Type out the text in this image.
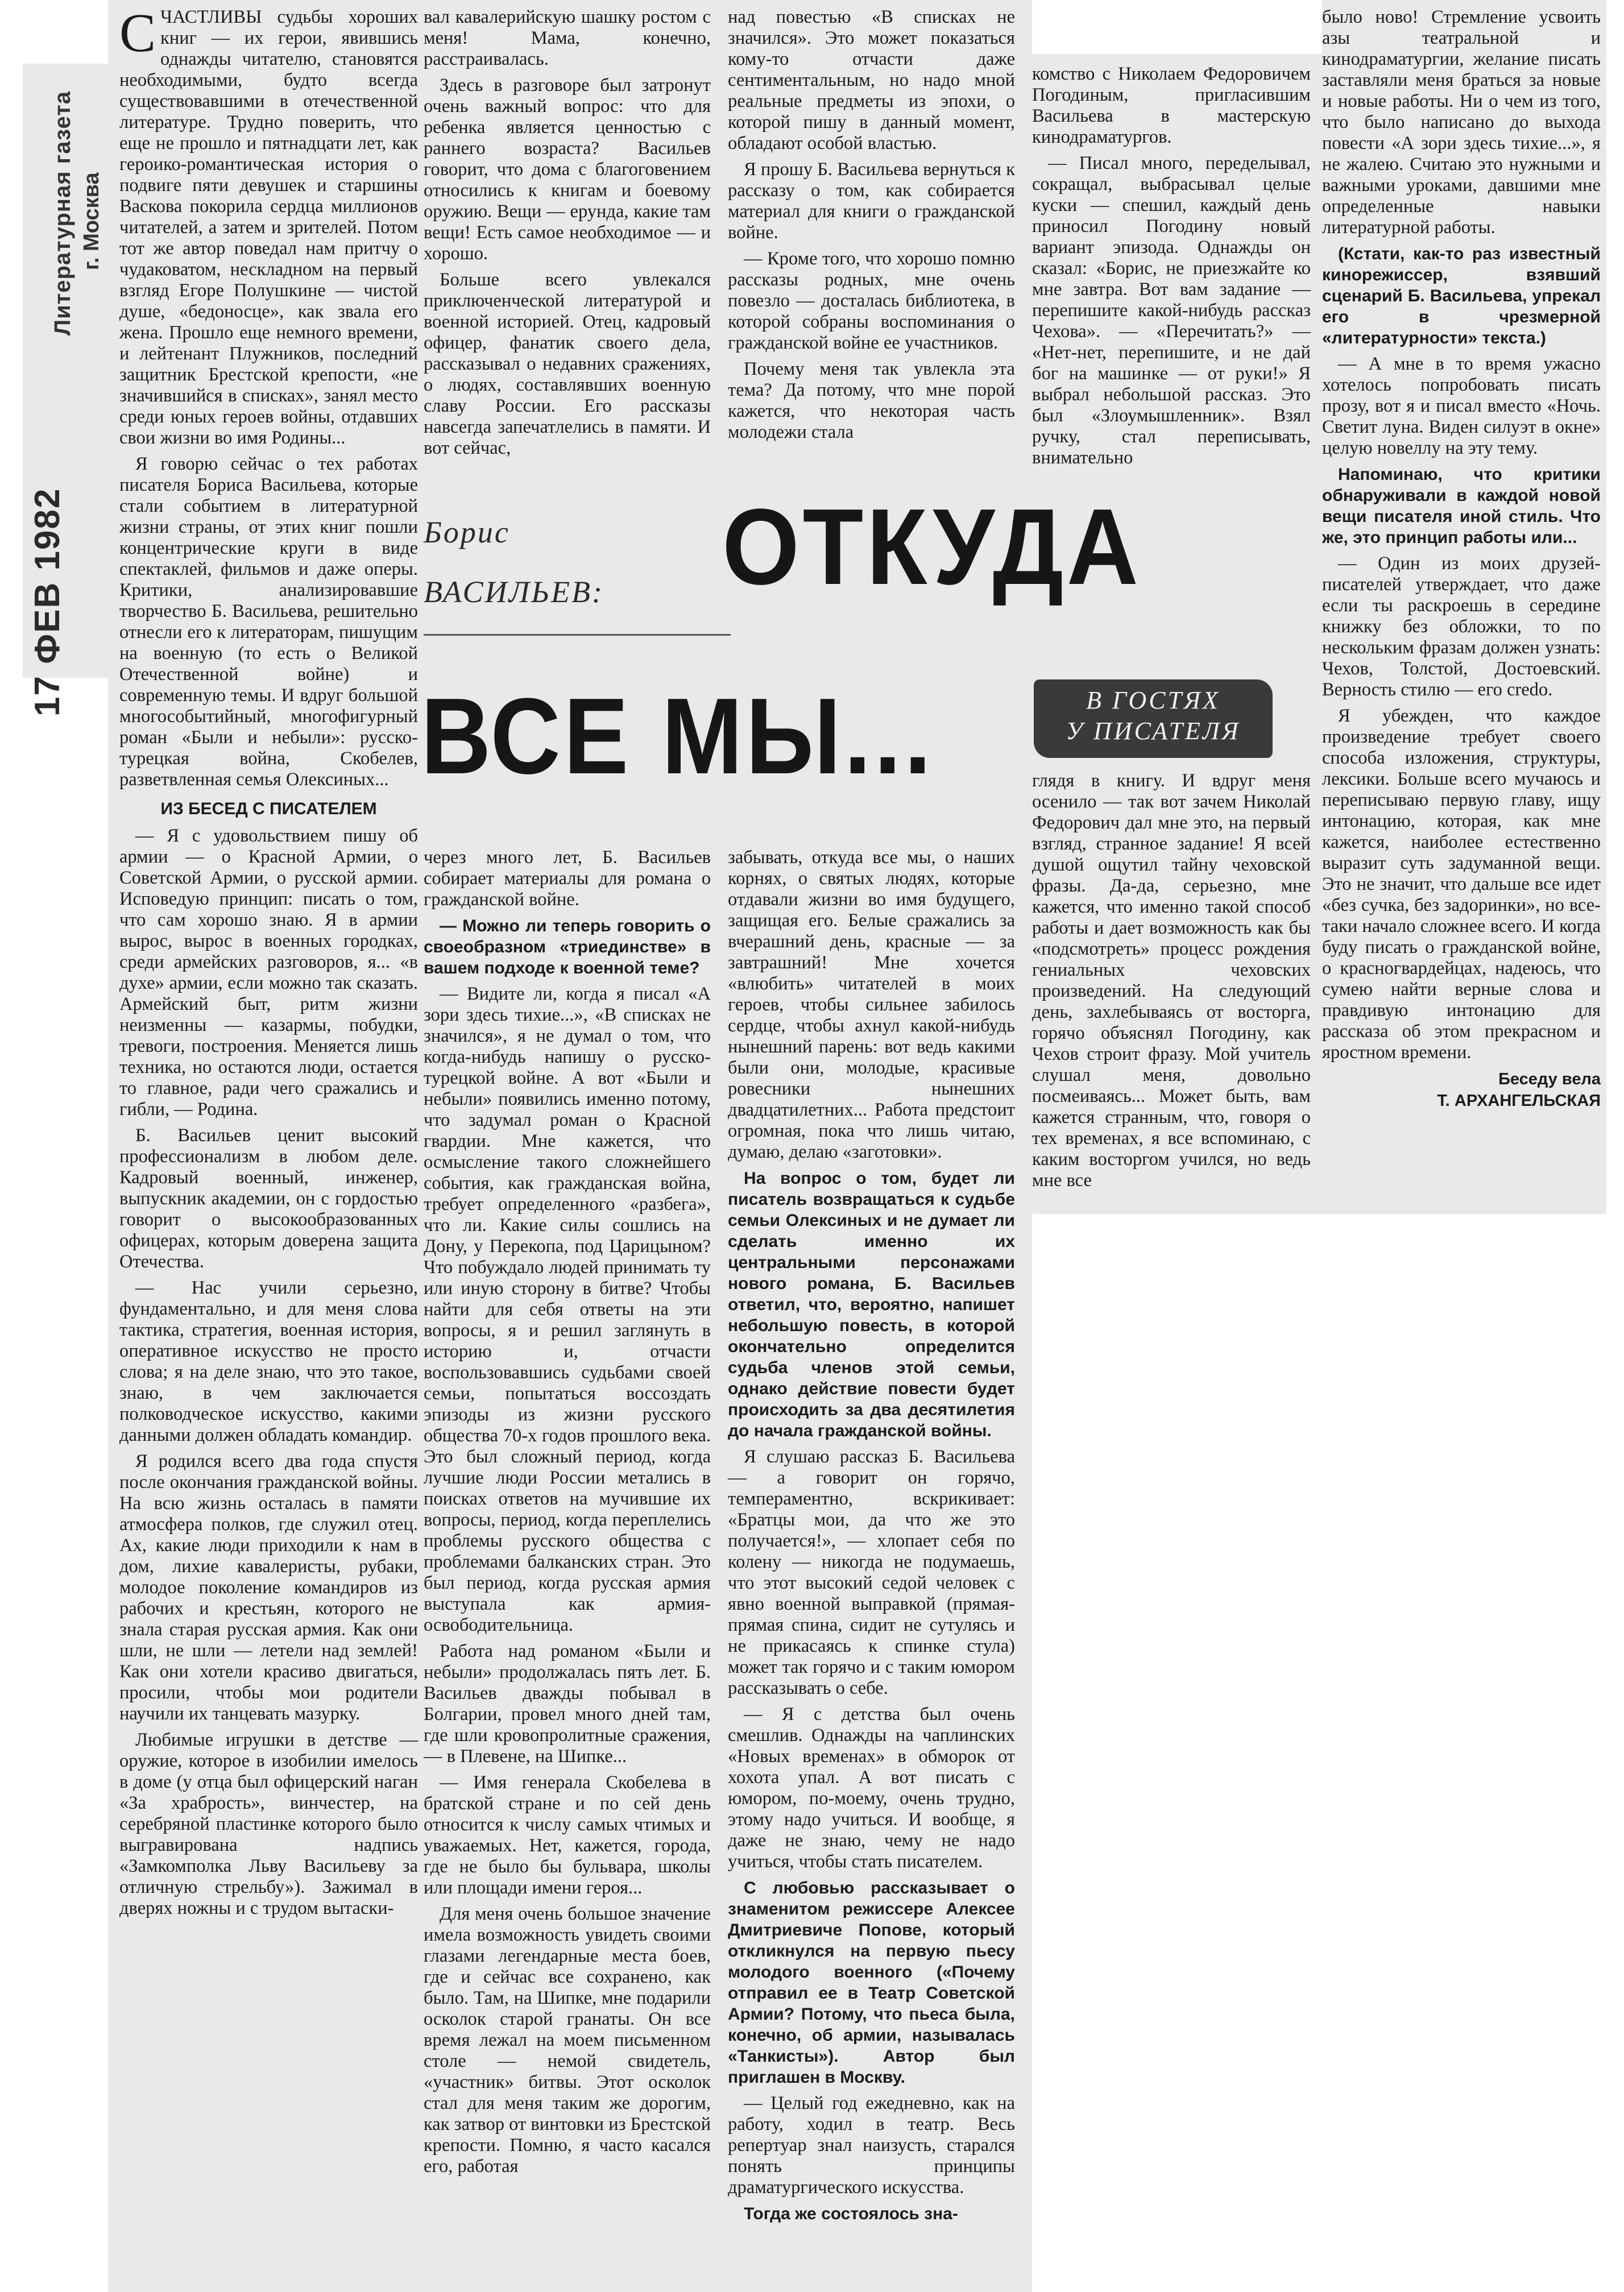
Литературная газета г. Москва
17 ФЕВ 1982

С ЧАСТЛИВЫ судьбы хороших книг — их герои, явившись однажды читателю, становятся необходимыми, будто всегда существовавшими в отечественной литературе. Трудно поверить, что еще не прошло и пятнадцати лет, как героико-романтическая история о подвиге пяти девушек и старшины Васкова покорила сердца миллионов читателей, а затем и зрителей. Потом тот же автор поведал нам притчу о чудаковатом, нескладном на первый взгляд Егоре Полушкине — чистой душе, «бедоносце», как звала его жена. Прошло еще немного времени, и лейтенант Плужников, последний защитник Брестской крепости, «не значившийся в списках», занял место среди юных героев войны, отдавших свои жизни во имя Родины...

Я говорю сейчас о тех работах писателя Бориса Васильева, которые стали событием в литературной жизни страны, от этих книг пошли концентрические круги в виде спектаклей, фильмов и даже оперы. Критики, анализировавшие творчество Б. Васильева, решительно отнесли его к литераторам, пишущим на военную (то есть о Великой Отечественной войне) и современную темы. И вдруг большой многособытийный, многофигурный роман «Были и небыли»: русско-турецкая война, Скобелев, разветвленная семья Олексиных...

ИЗ БЕСЕД С ПИСАТЕЛЕМ

— Я с удовольствием пишу об армии — о Красной Армии, о Советской Армии, о русской армии. Исповедую принцип: писать о том, что сам хорошо знаю. Я в армии вырос, вырос в военных городках, среди армейских разговоров, я... «в духе» армии, если можно так сказать. Армейский быт, ритм жизни неизменны — казармы, побудки, тревоги, построения. Меняется лишь техника, но остаются люди, остается то главное, ради чего сражались и гибли, — Родина.

Б. Васильев ценит высокий профессионализм в любом деле. Кадровый военный, инженер, выпускник академии, он с гордостью говорит о высокообразованных офицерах, которым доверена защита Отечества.

— Нас учили серьезно, фундаментально, и для меня слова тактика, стратегия, военная история, оперативное искусство не просто слова; я на деле знаю, что это такое, знаю, в чем заключается полководческое искусство, какими данными должен обладать командир.

Я родился всего два года спустя после окончания гражданской войны. На всю жизнь осталась в памяти атмосфера полков, где служил отец. Ах, какие люди приходили к нам в дом, лихие кавалеристы, рубаки, молодое поколение командиров из рабочих и крестьян, которого не знала старая русская армия. Как они шли, не шли — летели над землей! Как они хотели красиво двигаться, просили, чтобы мои родители научили их танцевать мазурку.

Любимые игрушки в детстве — оружие, которое в изобилии имелось в доме (у отца был офицерский наган «За храбрость», винчестер, на серебряной пластинке которого было выгравирована надпись «Замкомполка Льву Васильеву за отличную стрельбу»). Зажимал в дверях ножны и с трудом вытаски-

вал кавалерийскую шашку ростом с меня! Мама, конечно, расстраивалась.

Здесь в разговоре был затронут очень важный вопрос: что для ребенка является ценностью с раннего возраста? Васильев говорит, что дома с благоговением относились к книгам и боевому оружию. Вещи — ерунда, какие там вещи! Есть самое необходимое — и хорошо.

Больше всего увлекался приключенческой литературой и военной историей. Отец, кадровый офицер, фанатик своего дела, рассказывал о недавних сражениях, о людях, составлявших военную славу России. Его рассказы навсегда запечатлелись в памяти. И вот сейчас,

над повестью «В списках не значился». Это может показаться кому-то отчасти даже сентиментальным, но надо мной реальные предметы из эпохи, о которой пишу в данный момент, обладают особой властью.

Я прошу Б. Васильева вернуться к рассказу о том, как собирается материал для книги о гражданской войне.

— Кроме того, что хорошо помню рассказы родных, мне очень повезло — досталась библиотека, в которой собраны воспоминания о гражданской войне ее участников.

Почему меня так увлекла эта тема? Да потому, что мне порой кажется, что некоторая часть молодежи стала

Борис
ВАСИЛЬЕВ: ОТКУДА
ВСЕ МЫ...	В ГОСТЯХ
У ПИСАТЕЛЯ

через много лет, Б. Васильев собирает материалы для романа о гражданской войне.

— Можно ли теперь говорить о своеобразном «триединстве» в вашем подходе к военной теме?

— Видите ли, когда я писал «А зори здесь тихие...», «В списках не значился», я не думал о том, что когда-нибудь напишу о русско-турецкой войне. А вот «Были и небыли» появились именно потому, что задумал роман о Красной гвардии. Мне кажется, что осмысление такого сложнейшего события, как гражданская война, требует определенного «разбега», что ли. Какие силы сошлись на Дону, у Перекопа, под Царицыном? Что побуждало людей принимать ту или иную сторону в битве? Чтобы найти для себя ответы на эти вопросы, я и решил заглянуть в историю и, отчасти воспользовавшись судьбами своей семьи, попытаться воссоздать эпизоды из жизни русского общества 70-х годов прошлого века. Это был сложный период, когда лучшие люди России метались в поисках ответов на мучившие их вопросы, период, когда переплелись проблемы русского общества с проблемами балканских стран. Это был период, когда русская армия выступала как армия-освободительница.

Работа над романом «Были и небыли» продолжалась пять лет. Б. Васильев дважды побывал в Болгарии, провел много дней там, где шли кровопролитные сражения, — в Плевене, на Шипке...

— Имя генерала Скобелева в братской стране и по сей день относится к числу самых чтимых и уважаемых. Нет, кажется, города, где не было бы бульвара, школы или площади имени героя...

Для меня очень большое значение имела возможность увидеть своими глазами легендарные места боев, где и сейчас все сохранено, как было. Там, на Шипке, мне подарили осколок старой гранаты. Он все время лежал на моем письменном столе — немой свидетель, «участник» битвы. Этот осколок стал для меня таким же дорогим, как затвор от винтовки из Брестской крепости. Помню, я часто касался его, работая

забывать, откуда все мы, о наших корнях, о святых людях, которые отдавали жизни во имя будущего, защищая его. Белые сражались за вчерашний день, красные — за завтрашний! Мне хочется «влюбить» читателей в моих героев, чтобы сильнее забилось сердце, чтобы ахнул какой-нибудь нынешний парень: вот ведь какими были они, молодые, красивые ровесники нынешних двадцатилетних... Работа предстоит огромная, пока что лишь читаю, думаю, делаю «заготовки».

На вопрос о том, будет ли писатель возвращаться к судьбе семьи Олексиных и не думает ли сделать именно их центральными персонажами нового романа, Б. Васильев ответил, что, вероятно, напишет небольшую повесть, в которой окончательно определится судьба членов этой семьи, однако действие повести будет происходить за два десятилетия до начала гражданской войны.

Я слушаю рассказ Б. Васильева — а говорит он горячо, темпераментно, вскрикивает: «Братцы мои, да что же это получается!», — хлопает себя по колену — никогда не подумаешь, что этот высокий седой человек с явно военной выправкой (прямая-прямая спина, сидит не сутулясь и не прикасаясь к спинке стула) может так горячо и с таким юмором рассказывать о себе.

— Я с детства был очень смешлив. Однажды на чаплинских «Новых временах» в обморок от хохота упал. А вот писать с юмором, по-моему, очень трудно, этому надо учиться. И вообще, я даже не знаю, чему не надо учиться, чтобы стать писателем.

С любовью рассказывает о знаменитом режиссере Алексее Дмитриевиче Попове, который откликнулся на первую пьесу молодого военного («Почему отправил ее в Театр Советской Армии? Потому, что пьеса была, конечно, об армии, называлась «Танкисты»). Автор был приглашен в Москву.

— Целый год ежедневно, как на работу, ходил в театр. Весь репертуар знал наизусть, старался понять принципы драматургического искусства.

Тогда же состоялось зна-

комство с Николаем Федоровичем Погодиным, пригласившим Васильева в мастерскую кинодраматургов.

— Писал много, переделывал, сокращал, выбрасывал целые куски — спешил, каждый день приносил Погодину новый вариант эпизода. Однажды он сказал: «Борис, не приезжайте ко мне завтра. Вот вам задание — перепишите какой-нибудь рассказ Чехова». — «Перечитать?» — «Нет-нет, перепишите, и не дай бог на машинке — от руки!» Я выбрал небольшой рассказ. Это был «Злоумышленник». Взял ручку, стал переписывать, внимательно

глядя в книгу. И вдруг меня осенило — так вот зачем Николай Федорович дал мне это, на первый взгляд, странное задание! Я всей душой ощутил тайну чеховской фразы. Да-да, серьезно, мне кажется, что именно такой способ работы и дает возможность как бы «подсмотреть» процесс рождения гениальных чеховских произведений. На следующий день, захлебываясь от восторга, горячо объяснял Погодину, как Чехов строит фразу. Мой учитель слушал меня, довольно посмеиваясь... Может быть, вам кажется странным, что, говоря о тех временах, я все вспоминаю, с каким восторгом учился, но ведь мне все

было ново! Стремление усвоить азы театральной и кинодраматургии, желание писать заставляли меня браться за новые и новые работы. Ни о чем из того, что было написано до выхода повести «А зори здесь тихие...», я не жалею. Считаю это нужными и важными уроками, давшими мне определенные навыки литературной работы.

(Кстати, как-то раз известный кинорежиссер, взявший сценарий Б. Васильева, упрекал его в чрезмерной «литературности» текста.)

— А мне в то время ужасно хотелось попробовать писать прозу, вот я и писал вместо «Ночь. Светит луна. Виден силуэт в окне» целую новеллу на эту тему.

Напоминаю, что критики обнаруживали в каждой новой вещи писателя иной стиль. Что же, это принцип работы или...

— Один из моих друзей-писателей утверждает, что даже если ты раскроешь в середине книжку без обложки, то по нескольким фразам должен узнать: Чехов, Толстой, Достоевский. Верность стилю — его credo.

Я убежден, что каждое произведение требует своего способа изложения, структуры, лексики. Больше всего мучаюсь и переписываю первую главу, ищу интонацию, которая, как мне кажется, наиболее естественно выразит суть задуманной вещи. Это не значит, что дальше все идет «без сучка, без задоринки», но все-таки начало сложнее всего. И когда буду писать о гражданской войне, о красногвардейцах, надеюсь, что сумею найти верные слова и правдивую интонацию для рассказа об этом прекрасном и яростном времени.

Беседу вела
Т. АРХАНГЕЛЬСКАЯ
